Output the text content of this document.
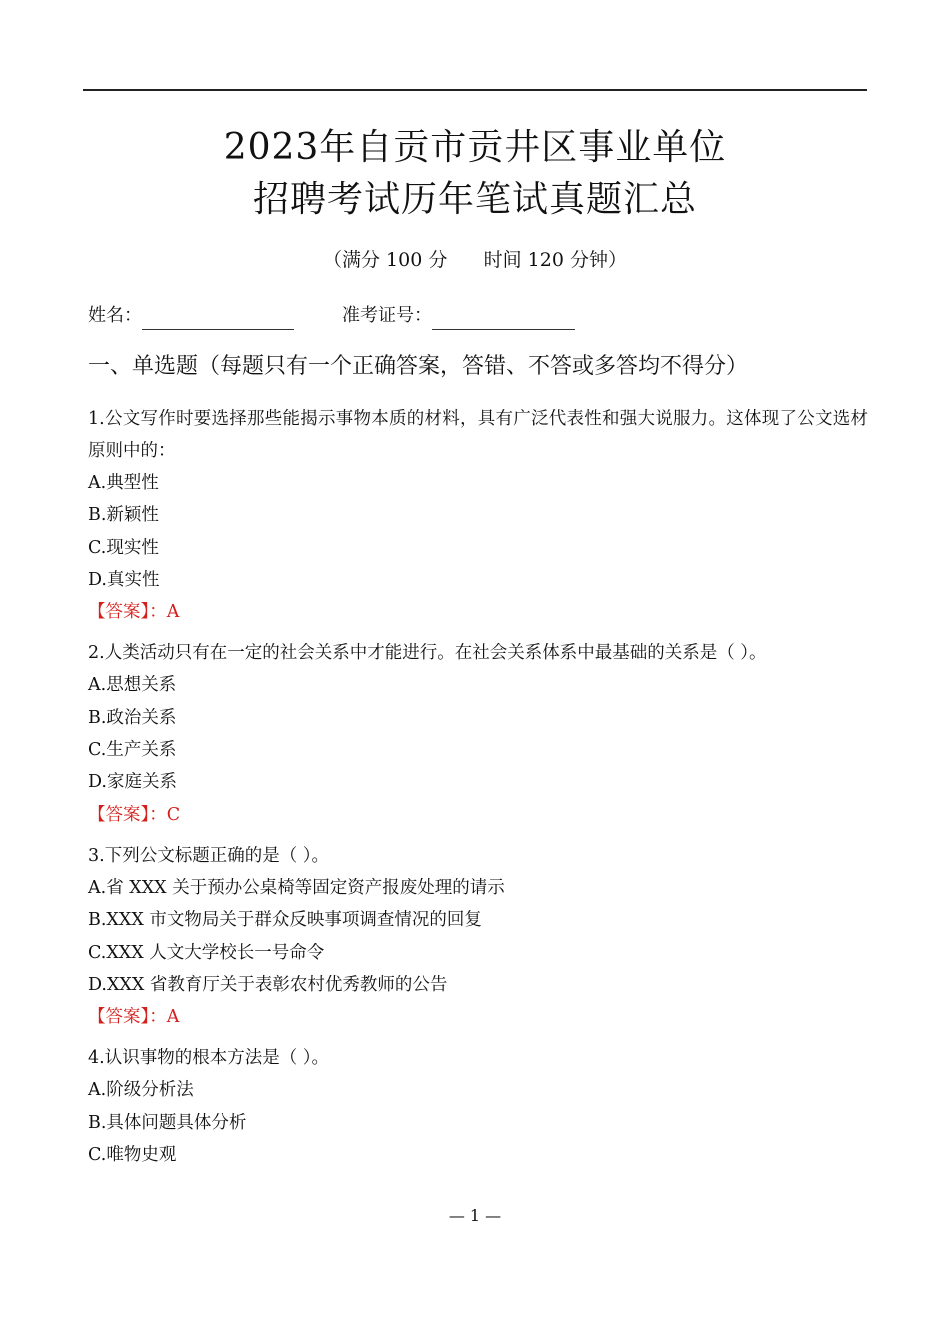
2023年自贡市贡井区事业单位
招聘考试历年笔试真题汇总
（满分 100 分 时间 120 分钟）
姓名：	准考证号：
一、单选题（每题只有一个正确答案，答错、不答或多答均不得分）

1.公文写作时要选择那些能揭示事物本质的材料，具有广泛代表性和强大说服力。这体现了公文选材原则中的：

A.典型性

B.新颖性

C.现实性

D.真实性

【答案】：A

2.人类活动只有在一定的社会关系中才能进行。在社会关系体系中最基础的关系是（ ）。

A.思想关系

B.政治关系

C.生产关系

D.家庭关系

【答案】：C

3.下列公文标题正确的是（ ）。

A.省 XXX 关于预办公桌椅等固定资产报废处理的请示

B.XXX 市文物局关于群众反映事项调查情况的回复

C.XXX 人文大学校长一号命令

D.XXX 省教育厅关于表彰农村优秀教师的公告

【答案】：A

4.认识事物的根本方法是（ ）。

A.阶级分析法

B.具体问题具体分析

C.唯物史观

— 1 —
